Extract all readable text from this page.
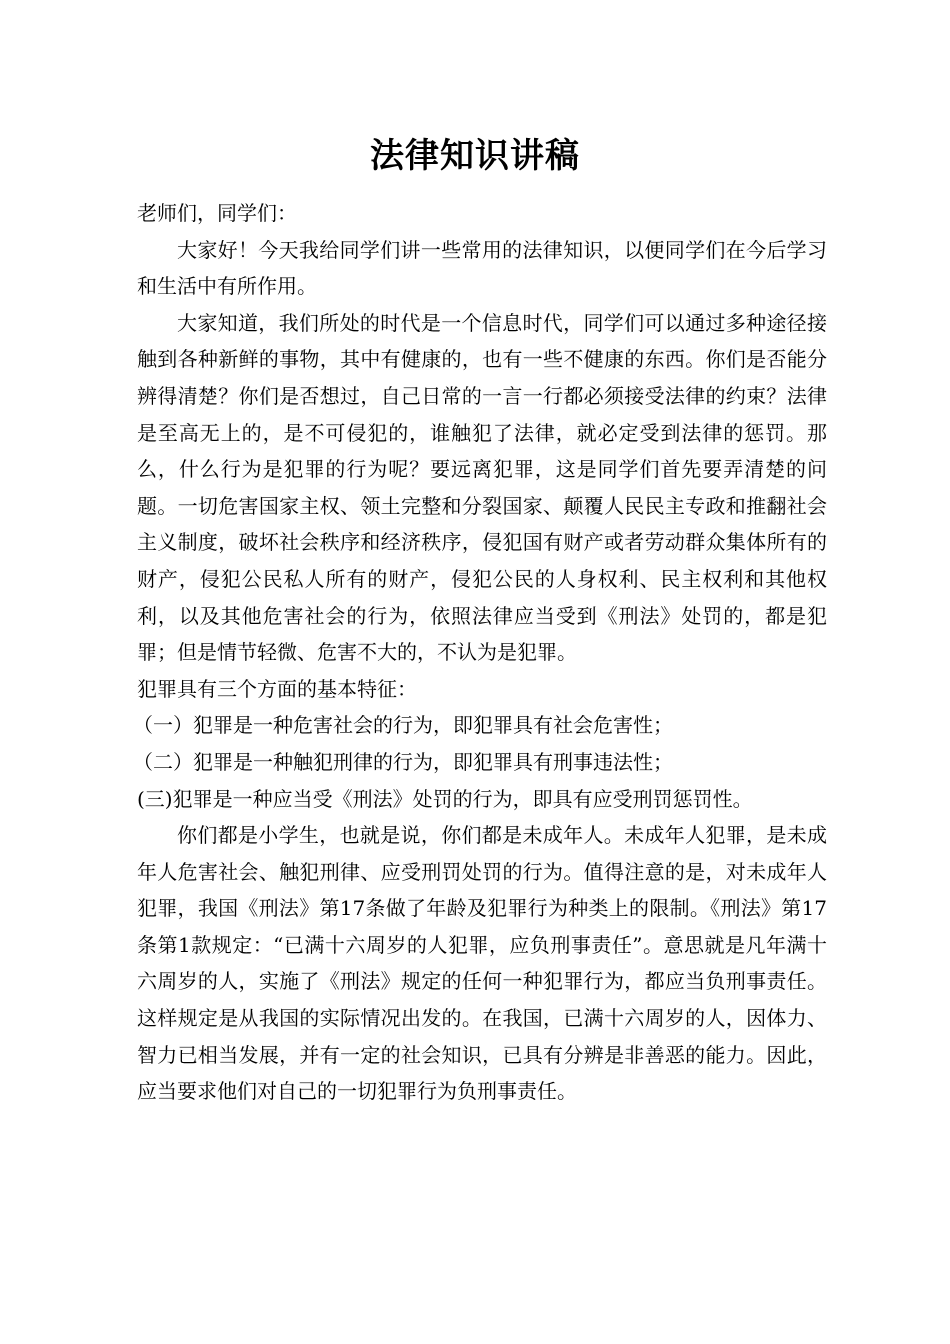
法律知识讲稿

老师们，同学们：

大家好！今天我给同学们讲一些常用的法律知识，以便同学们在今后学习和生活中有所作用。

大家知道，我们所处的时代是一个信息时代，同学们可以通过多种途径接触到各种新鲜的事物，其中有健康的，也有一些不健康的东西。你们是否能分辨得清楚？你们是否想过，自己日常的一言一行都必须接受法律的约束？法律是至高无上的，是不可侵犯的，谁触犯了法律，就必定受到法律的惩罚。那么，什么行为是犯罪的行为呢？要远离犯罪，这是同学们首先要弄清楚的问题。一切危害国家主权、领土完整和分裂国家、颠覆人民民主专政和推翻社会主义制度，破坏社会秩序和经济秩序，侵犯国有财产或者劳动群众集体所有的财产，侵犯公民私人所有的财产，侵犯公民的人身权利、民主权利和其他权利，以及其他危害社会的行为，依照法律应当受到《刑法》处罚的，都是犯罪；但是情节轻微、危害不大的，不认为是犯罪。

犯罪具有三个方面的基本特征：

（一）犯罪是一种危害社会的行为，即犯罪具有社会危害性；

（二）犯罪是一种触犯刑律的行为，即犯罪具有刑事违法性；

(三)犯罪是一种应当受《刑法》处罚的行为，即具有应受刑罚惩罚性。

你们都是小学生，也就是说，你们都是未成年人。未成年人犯罪，是未成年人危害社会、触犯刑律、应受刑罚处罚的行为。值得注意的是，对未成年人犯罪，我国《刑法》第17条做了年龄及犯罪行为种类上的限制。《刑法》第17条第1款规定：“已满十六周岁的人犯罪，应负刑事责任”。意思就是凡年满十六周岁的人，实施了《刑法》规定的任何一种犯罪行为，都应当负刑事责任。这样规定是从我国的实际情况出发的。在我国，已满十六周岁的人，因体力、智力已相当发展，并有一定的社会知识，已具有分辨是非善恶的能力。因此，应当要求他们对自己的一切犯罪行为负刑事责任。
